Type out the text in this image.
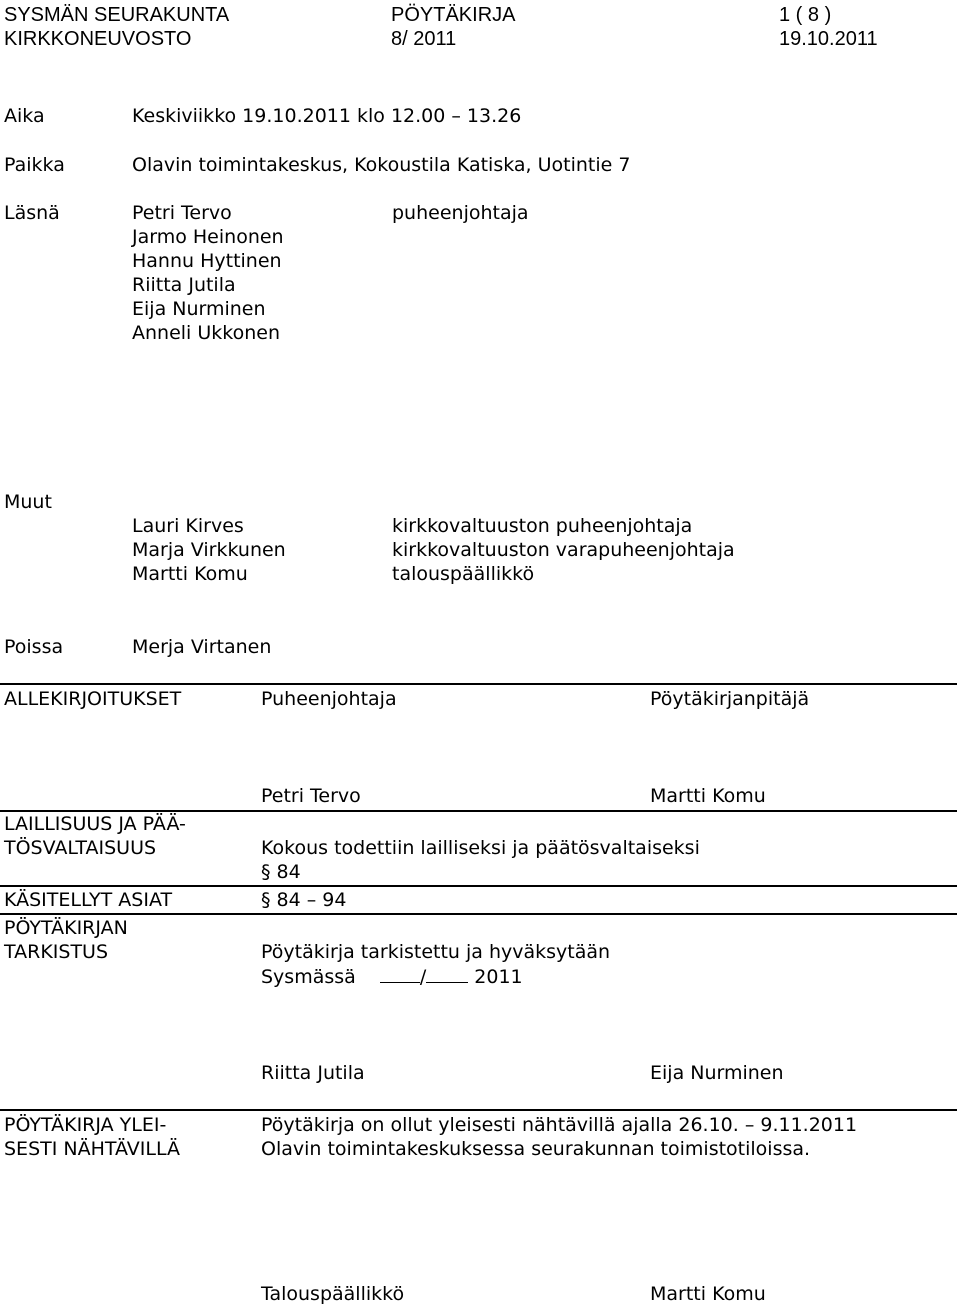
SYSMÄN SEURAKUNTA
KIRKKONEUVOSTO
PÖYTÄKIRJA
8/ 2011
1 ( 8 )
19.10.2011
Aika	Keskiviikko 19.10.2011 klo 12.00 – 13.26
Paikka	Olavin toimintakeskus, Kokoustila Katiska, Uotintie 7
Läsnä	Petri Tervo	puheenjohtaja
Jarmo Heinonen
Hannu Hyttinen
Riitta Jutila
Eija Nurminen
Anneli Ukkonen
Muut
Lauri Kirves	kirkkovaltuuston puheenjohtaja
Marja Virkkunen	kirkkovaltuuston varapuheenjohtaja
Martti Komu	talouspäällikkö
Poissa	Merja Virtanen
ALLEKIRJOITUKSET	Puheenjohtaja	Pöytäkirjanpitäjä
Petri Tervo	Martti Komu
LAILLISUUS JA PÄÄ-
TÖSVALTAISUUS	Kokous todettiin lailliseksi ja päätösvaltaiseksi
§ 84
KÄSITELLYT ASIAT	§ 84 – 94
PÖYTÄKIRJAN
TARKISTUS	Pöytäkirja tarkistettu ja hyväksytään
Sysmässä	/	2011
Riitta Jutila	Eija Nurminen
PÖYTÄKIRJA YLEI-
SESTI NÄHTÄVILLÄ
Pöytäkirja on ollut yleisesti nähtävillä ajalla 26.10. – 9.11.2011
Olavin toimintakeskuksessa seurakunnan toimistotiloissa.
Talouspäällikkö	Martti Komu
